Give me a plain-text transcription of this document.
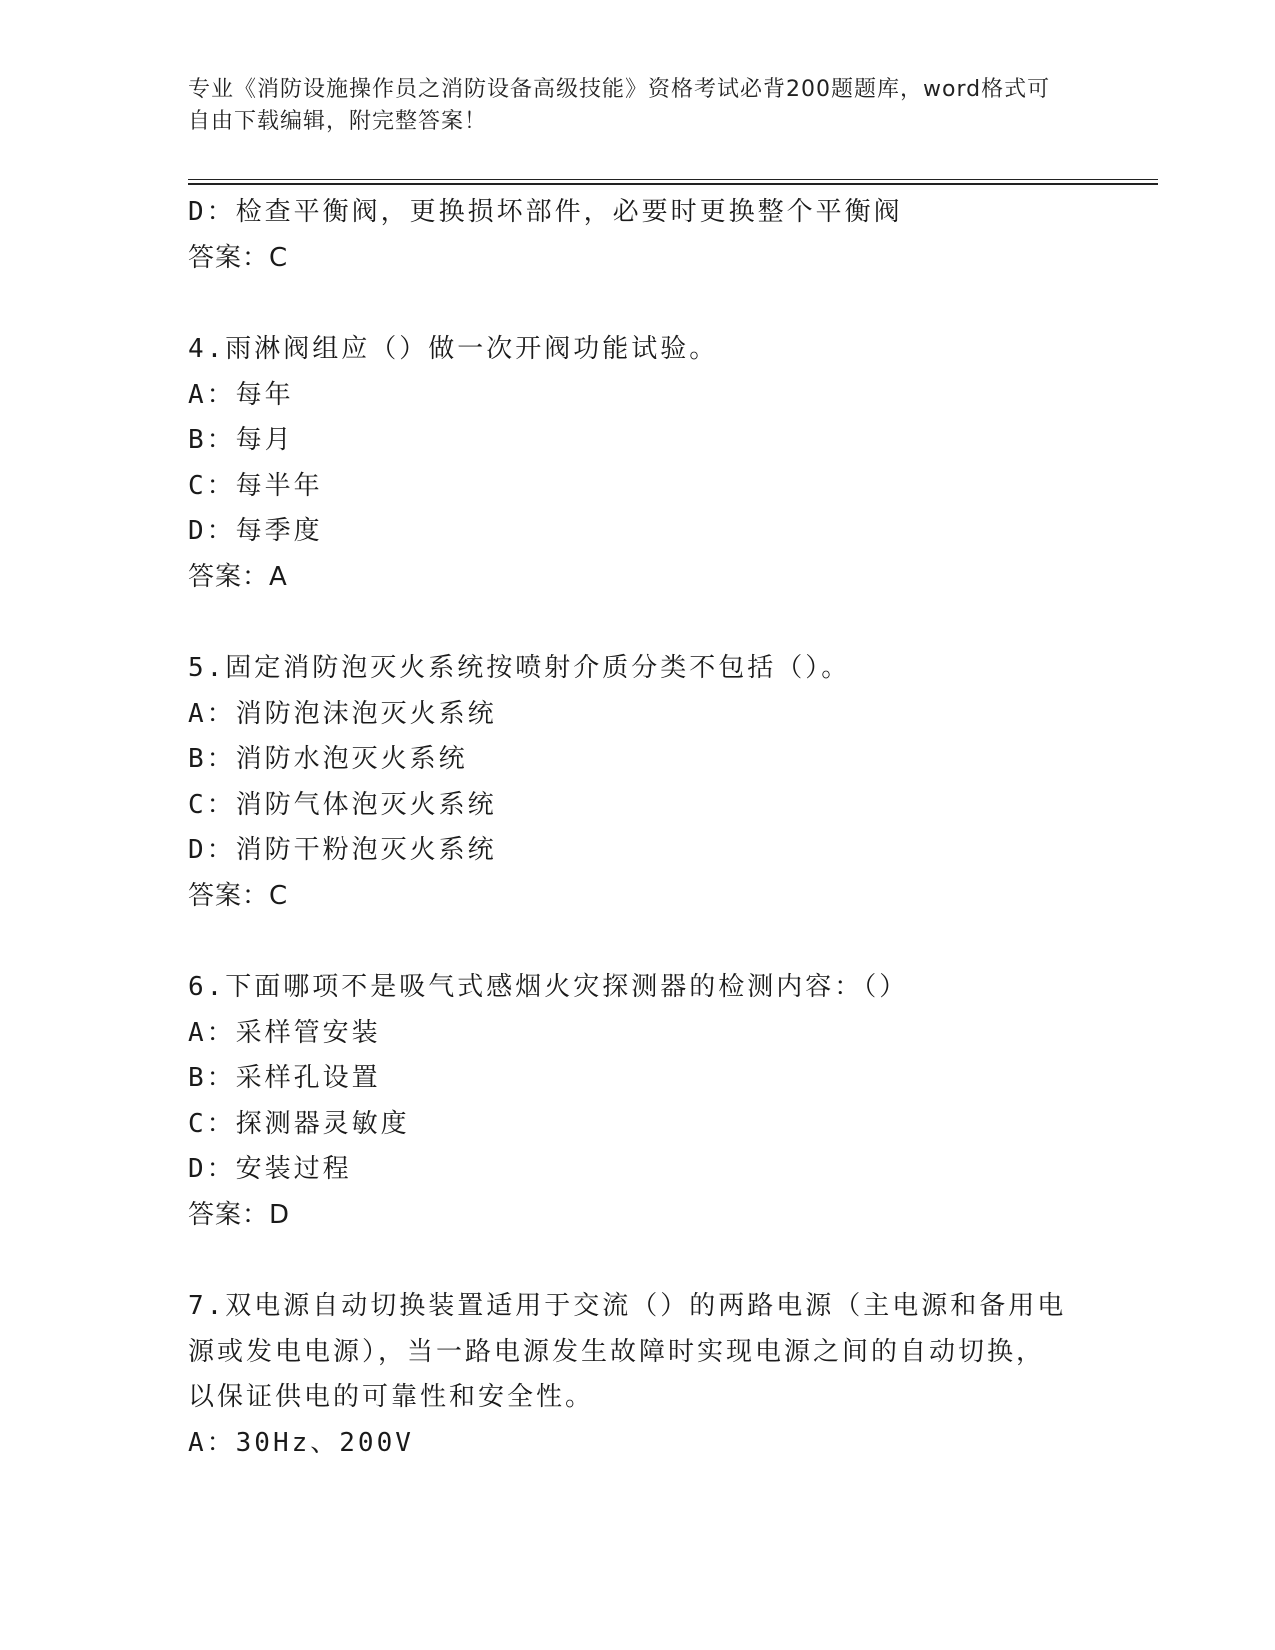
专业《消防设施操作员之消防设备高级技能》资格考试必背200题题库，word格式可自由下载编辑，附完整答案！
D：检查平衡阀，更换损坏部件，必要时更换整个平衡阀
答案：C
4.雨淋阀组应（）做一次开阀功能试验。
A：每年
B：每月
C：每半年
D：每季度
答案：A
5.固定消防泡灭火系统按喷射介质分类不包括（）。
A：消防泡沫泡灭火系统
B：消防水泡灭火系统
C：消防气体泡灭火系统
D：消防干粉泡灭火系统
答案：C
6.下面哪项不是吸气式感烟火灾探测器的检测内容：（）
A：采样管安装
B：采样孔设置
C：探测器灵敏度
D：安装过程
答案：D
7.双电源自动切换装置适用于交流（）的两路电源（主电源和备用电
源或发电电源），当一路电源发生故障时实现电源之间的自动切换，
以保证供电的可靠性和安全性。
A：30Hz、200V
